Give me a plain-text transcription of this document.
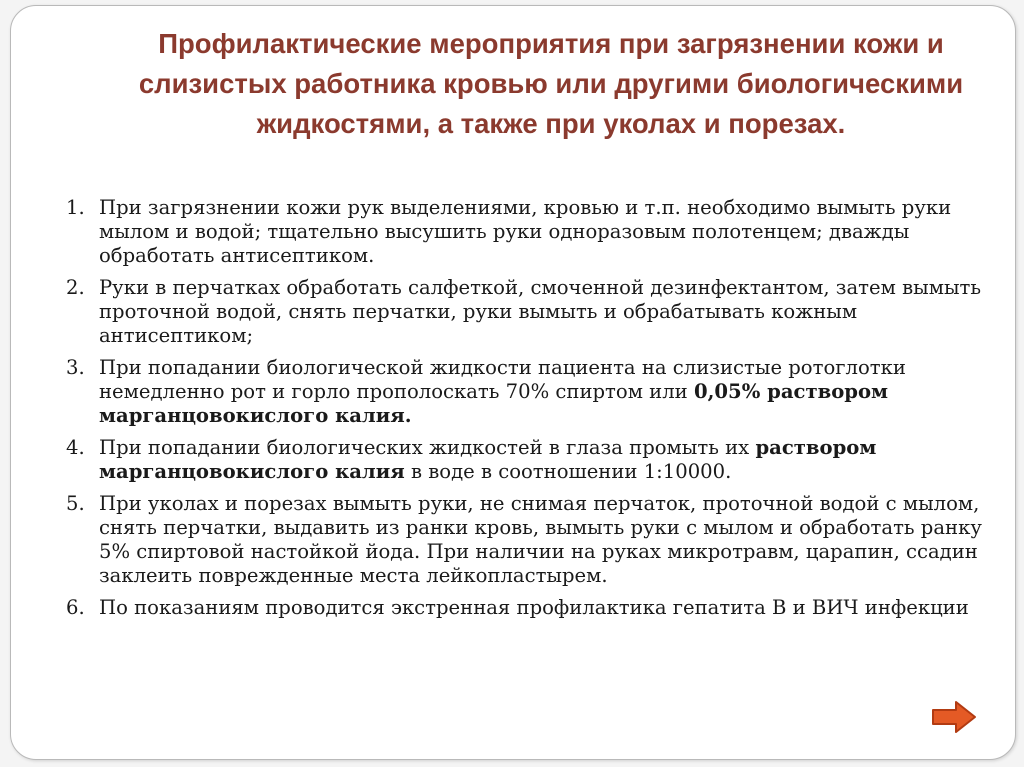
Профилактические мероприятия при загрязнении кожи и слизистых работника кровью или другими биологическими жидкостями, а также при уколах и порезах.
1. При загрязнении кожи рук выделениями, кровью и т.п. необходимо вымыть руки мылом и водой; тщательно высушить руки одноразовым полотенцем; дважды обработать антисептиком.
2. Руки в перчатках обработать салфеткой, смоченной дезинфектантом, затем вымыть проточной водой, снять перчатки, руки вымыть и обрабатывать кожным антисептиком;
3. При попадании биологической жидкости пациента на слизистые ротоглотки немедленно рот и горло прополоскать 70% спиртом или 0,05% раствором марганцовокислого калия.
4. При попадании биологических жидкостей в глаза промыть их раствором марганцовокислого калия в воде в соотношении 1:10000.
5. При уколах и порезах вымыть руки, не снимая перчаток, проточной водой с мылом, снять перчатки, выдавить из ранки кровь, вымыть руки с мылом и обработать ранку 5% спиртовой настойкой йода. При наличии на руках микротравм, царапин, ссадин заклеить поврежденные места лейкопластырем.
6. По показаниям проводится экстренная профилактика гепатита В и ВИЧ инфекции
